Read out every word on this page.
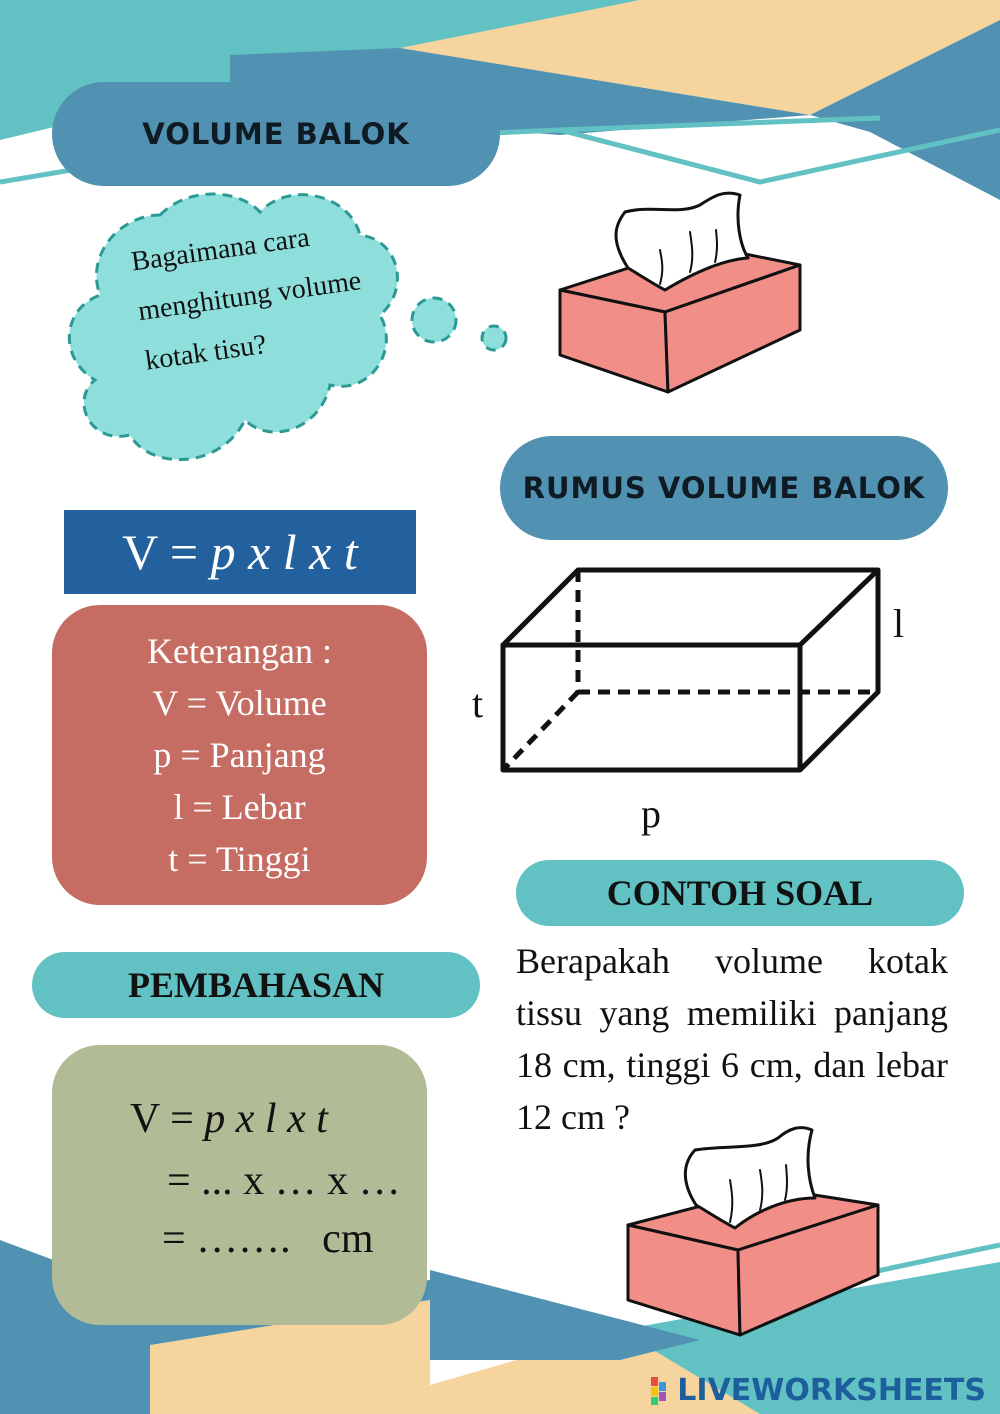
VOLUME BALOK
Bagaimana cara menghitung volume kotak tisu?
RUMUS VOLUME BALOK
V = p x l x t
Keterangan :
V = Volume
p = Panjang
l = Lebar
t = Tinggi
l
t
p
CONTOH SOAL
Berapakah volume kotak tissu yang memiliki panjang 18 cm, tinggi 6 cm, dan lebar 12 cm ?
PEMBAHASAN
V = p x l x t
= ... x … x …
= …….   cm
LIVEWORKSHEETS
